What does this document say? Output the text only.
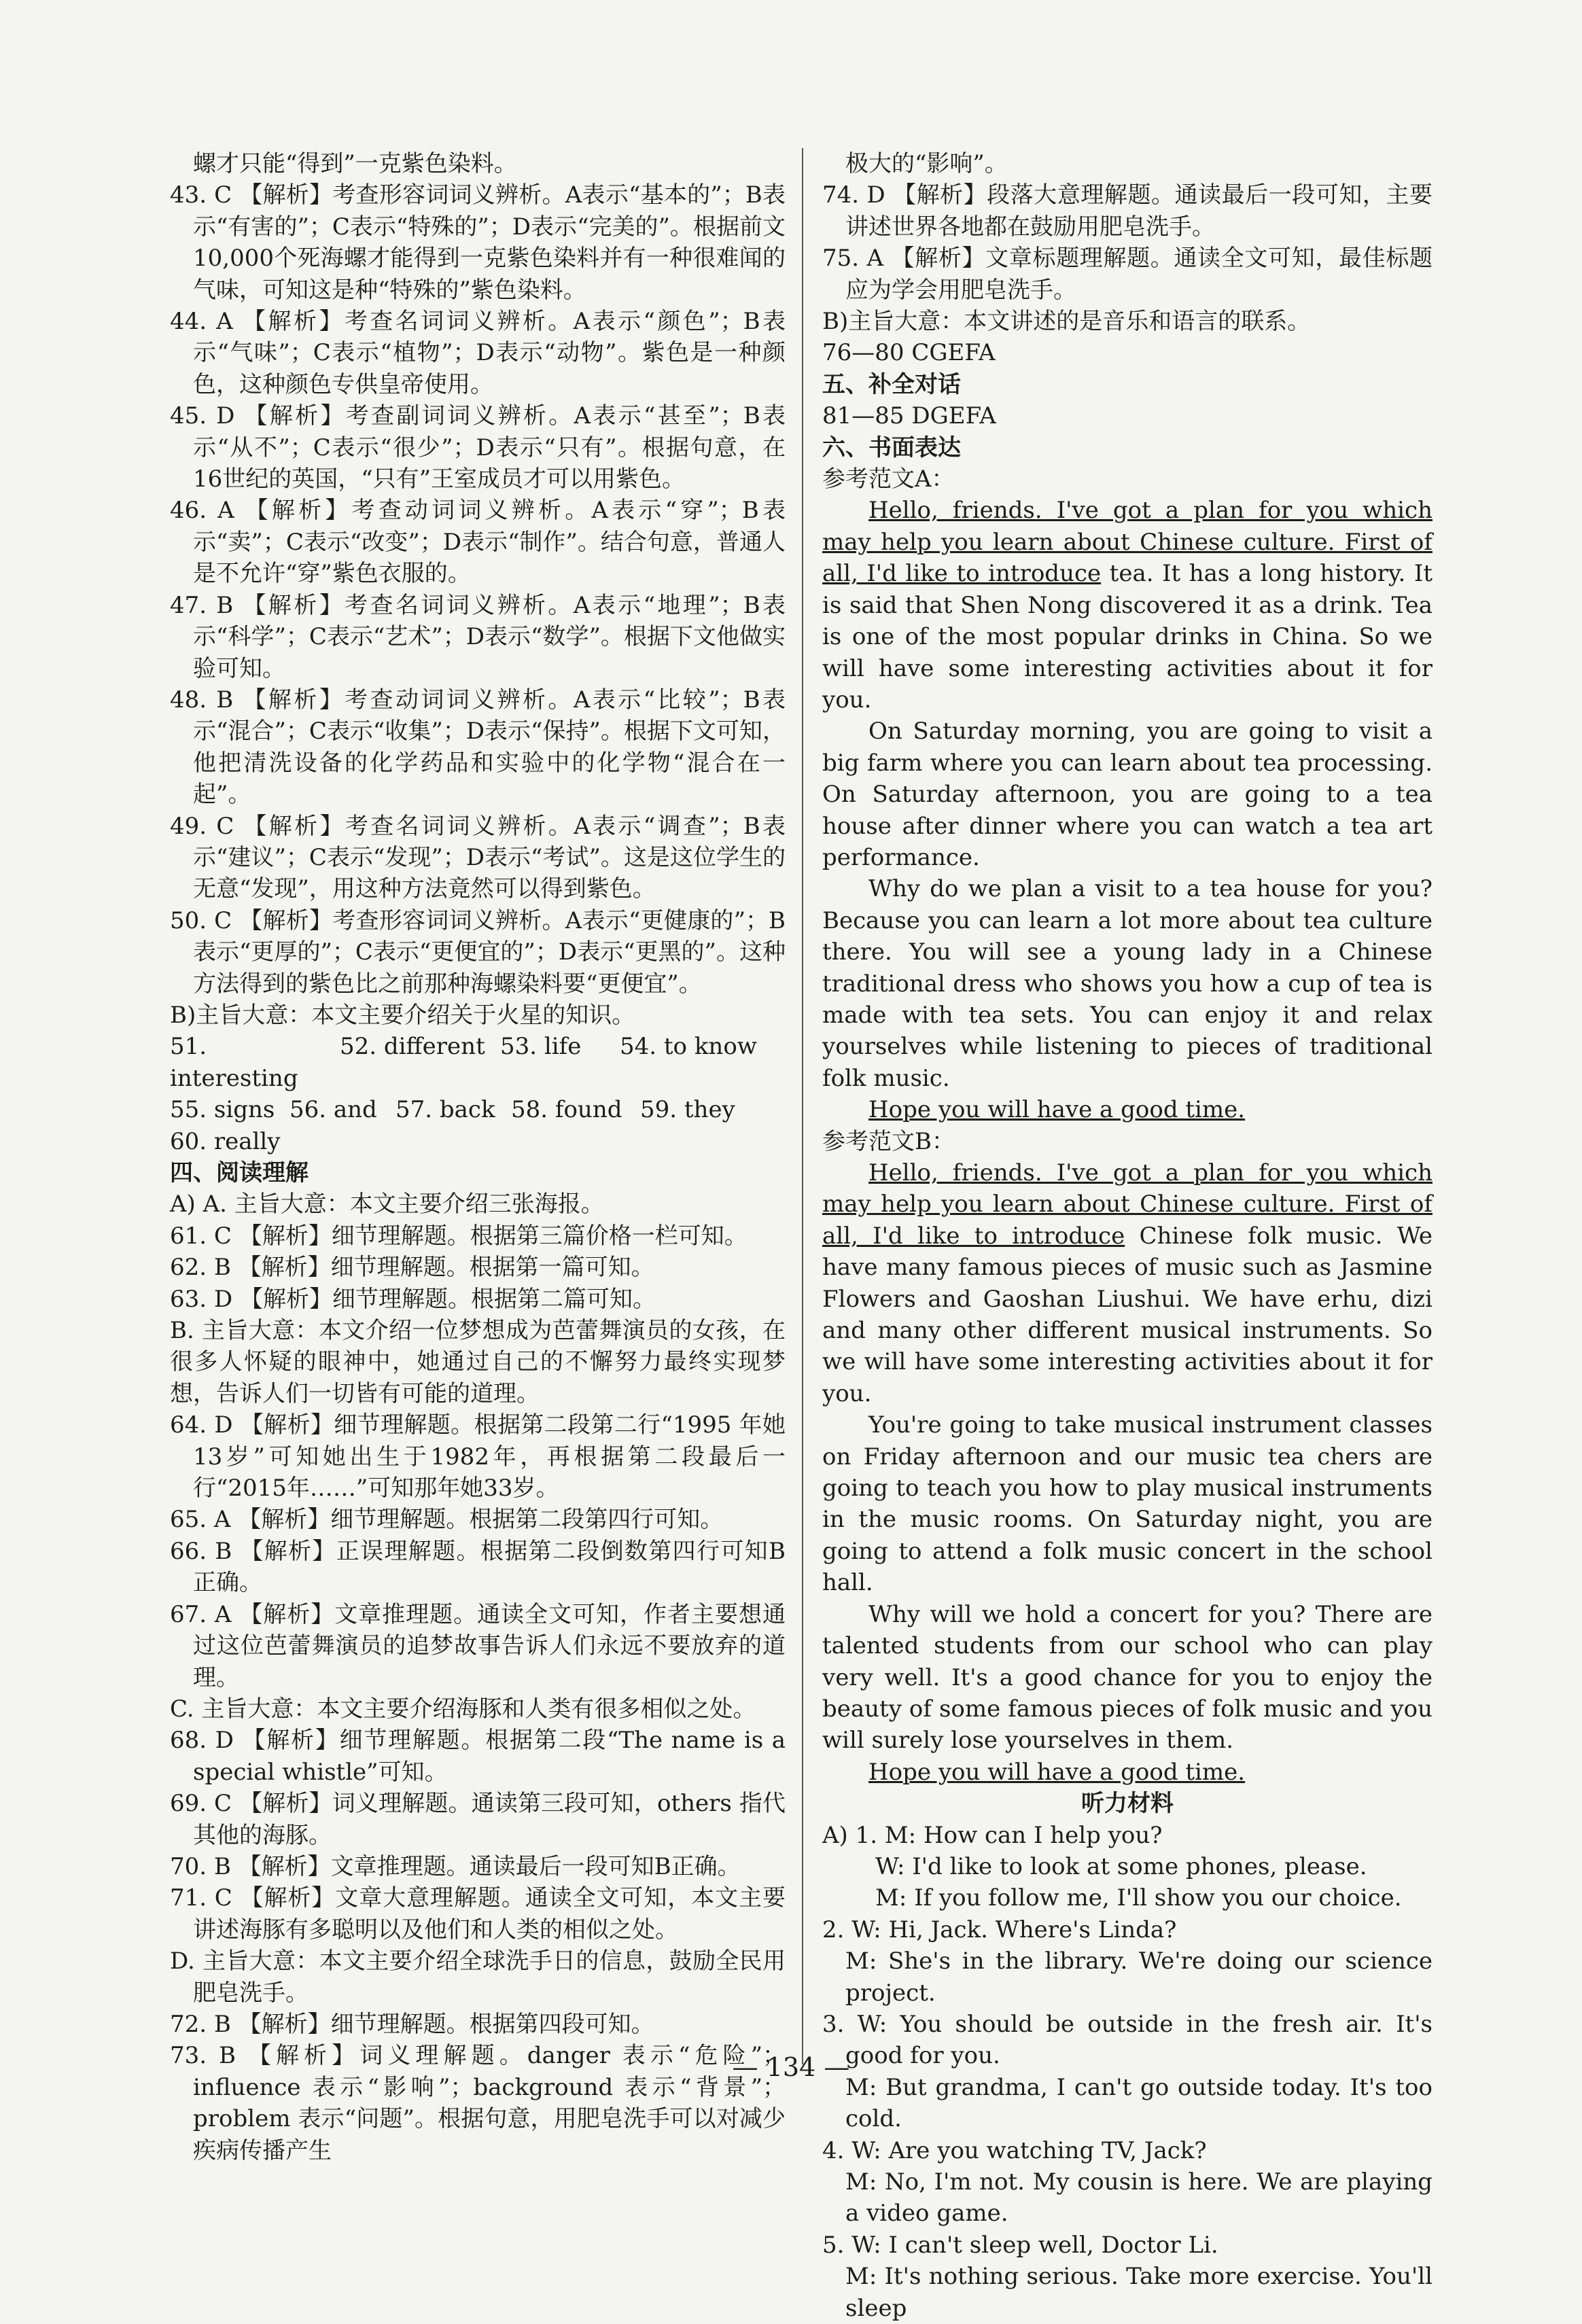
螺才只能“得到”一克紫色染料。

43. C 【解析】考查形容词词义辨析。A表示“基本的”；B表示“有害的”；C表示“特殊的”；D表示“完美的”。根据前文10,000个死海螺才能得到一克紫色染料并有一种很难闻的气味，可知这是种“特殊的”紫色染料。

44. A 【解析】考查名词词义辨析。A表示“颜色”；B表示“气味”；C表示“植物”；D表示“动物”。紫色是一种颜色，这种颜色专供皇帝使用。

45. D 【解析】考查副词词义辨析。A表示“甚至”；B表示“从不”；C表示“很少”；D表示“只有”。根据句意，在16世纪的英国，“只有”王室成员才可以用紫色。

46. A 【解析】考查动词词义辨析。A表示“穿”；B表示“卖”；C表示“改变”；D表示“制作”。结合句意，普通人是不允许“穿”紫色衣服的。

47. B 【解析】考查名词词义辨析。A表示“地理”；B表示“科学”；C表示“艺术”；D表示“数学”。根据下文他做实验可知。

48. B 【解析】考查动词词义辨析。A表示“比较”；B表示“混合”；C表示“收集”；D表示“保持”。根据下文可知，他把清洗设备的化学药品和实验中的化学物“混合在一起”。

49. C 【解析】考查名词词义辨析。A表示“调查”；B表示“建议”；C表示“发现”；D表示“考试”。这是这位学生的无意“发现”，用这种方法竟然可以得到紫色。

50. C 【解析】考查形容词词义辨析。A表示“更健康的”；B表示“更厚的”；C表示“更便宜的”；D表示“更黑的”。这种方法得到的紫色比之前那种海螺染料要“更便宜”。

B)主旨大意：本文主要介绍关于火星的知识。

51. interesting
52. different 53. life	54. to know
55. signs 56. and 57. back 58. found 59. they

60. really

四、阅读理解

A) A. 主旨大意：本文主要介绍三张海报。

61. C 【解析】细节理解题。根据第三篇价格一栏可知。

62. B 【解析】细节理解题。根据第一篇可知。

63. D 【解析】细节理解题。根据第二篇可知。

B. 主旨大意：本文介绍一位梦想成为芭蕾舞演员的女孩，在很多人怀疑的眼神中，她通过自己的不懈努力最终实现梦想，告诉人们一切皆有可能的道理。

64. D 【解析】细节理解题。根据第二段第二行“1995 年她13岁”可知她出生于1982年，再根据第二段最后一行“2015年……”可知那年她33岁。

65. A 【解析】细节理解题。根据第二段第四行可知。

66. B 【解析】正误理解题。根据第二段倒数第四行可知B正确。

67. A 【解析】文章推理题。通读全文可知，作者主要想通过这位芭蕾舞演员的追梦故事告诉人们永远不要放弃的道理。

C. 主旨大意：本文主要介绍海豚和人类有很多相似之处。

68. D 【解析】细节理解题。根据第二段“The name is a special whistle”可知。

69. C 【解析】词义理解题。通读第三段可知，others 指代其他的海豚。

70. B 【解析】文章推理题。通读最后一段可知B正确。

71. C 【解析】文章大意理解题。通读全文可知，本文主要讲述海豚有多聪明以及他们和人类的相似之处。

D. 主旨大意：本文主要介绍全球洗手日的信息，鼓励全民用肥皂洗手。

72. B 【解析】细节理解题。根据第四段可知。

73. B 【解析】词义理解题。danger 表示“危险”；influence 表示“影响”；background 表示“背景”；problem 表示“问题”。根据句意，用肥皂洗手可以对减少疾病传播产生

极大的“影响”。

74. D 【解析】段落大意理解题。通读最后一段可知，主要讲述世界各地都在鼓励用肥皂洗手。

75. A 【解析】文章标题理解题。通读全文可知，最佳标题应为学会用肥皂洗手。

B)主旨大意：本文讲述的是音乐和语言的联系。

76—80 CGEFA

五、补全对话

81—85 DGEFA

六、书面表达

参考范文A：

Hello, friends. I've got a plan for you which may help you learn about Chinese culture. First of all, I'd like to introduce tea. It has a long history. It is said that Shen Nong discovered it as a drink. Tea is one of the most popular drinks in China. So we will have some interesting activities about it for you.

On Saturday morning, you are going to visit a big farm where you can learn about tea processing. On Saturday afternoon, you are going to a tea house after dinner where you can watch a tea art performance.

Why do we plan a visit to a tea house for you? Because you can learn a lot more about tea culture there. You will see a young lady in a Chinese traditional dress who shows you how a cup of tea is made with tea sets. You can enjoy it and relax yourselves while listening to pieces of traditional folk music.

Hope you will have a good time.

参考范文B：

Hello, friends. I've got a plan for you which may help you learn about Chinese culture. First of all, I'd like to introduce Chinese folk music. We have many famous pieces of music such as Jasmine Flowers and Gaoshan Liushui. We have erhu, dizi and many other different musical instruments. So we will have some interesting activities about it for you.

You're going to take musical instrument classes on Friday afternoon and our music tea chers are going to teach you how to play musical instruments in the music rooms. On Saturday night, you are going to attend a folk music concert in the school hall.

Why will we hold a concert for you? There are talented students from our school who can play very well. It's a good chance for you to enjoy the beauty of some famous pieces of folk music and you will surely lose yourselves in them.

Hope you will have a good time.

听力材料

A) 1. M: How can I help you?

W: I'd like to look at some phones, please.

M: If you follow me, I'll show you our choice.

2. W: Hi, Jack. Where's Linda?

M: She's in the library. We're doing our science project.

3. W: You should be outside in the fresh air. It's good for you.

M: But grandma, I can't go outside today. It's too cold.

4. W: Are you watching TV, Jack?

M: No, I'm not. My cousin is here. We are playing a video game.

5. W: I can't sleep well, Doctor Li.

M: It's nothing serious. Take more exercise. You'll sleep

— 134 —
